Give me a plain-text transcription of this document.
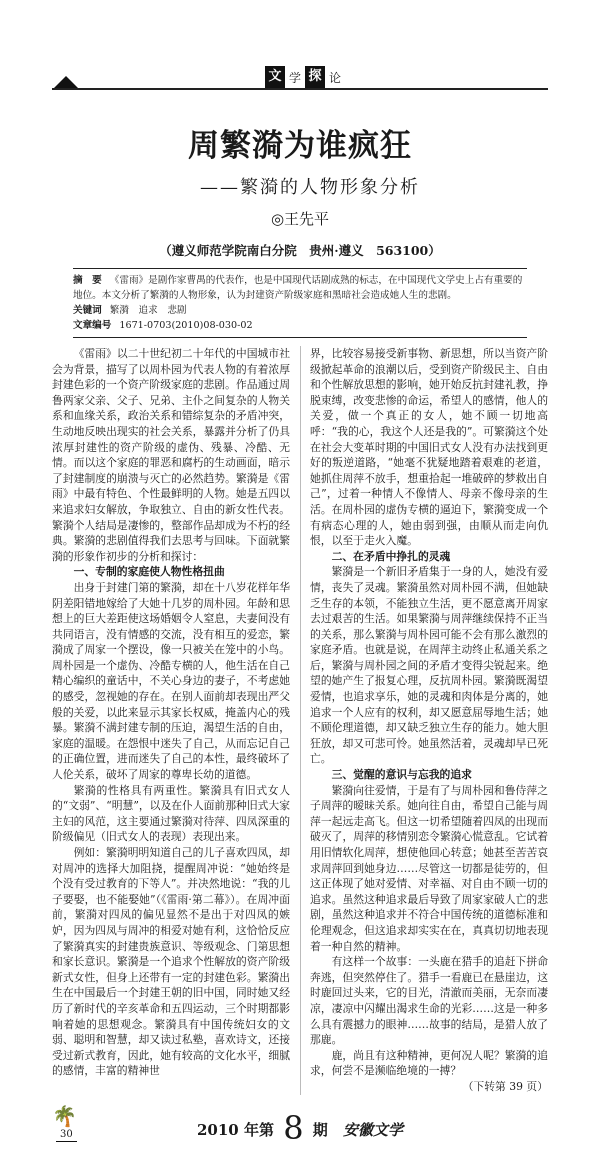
文 学 探 论
周繁漪为谁疯狂
——繁漪的人物形象分析
◎王先平
（遵义师范学院南白分院　贵州·遵义　563100）
摘　要 《雷雨》是剧作家曹禺的代表作，也是中国现代话剧成熟的标志，在中国现代文学史上占有重要的地位。本文分析了繁漪的人物形象，认为封建资产阶级家庭和黑暗社会造成她人生的悲剧。
关键词 繁漪　追求　悲剧
文章编号 1671-0703(2010)08-030-02

《雷雨》以二十世纪初二十年代的中国城市社会为背景，描写了以周朴园为代表人物的有着浓厚封建色彩的一个资产阶级家庭的悲剧。作品通过周鲁两家父亲、父子、兄弟、主仆之间复杂的人物关系和血缘关系，政治关系和错综复杂的矛盾冲突，生动地反映出现实的社会关系，暴露并分析了仍具浓厚封建性的资产阶级的虚伪、残暴、冷酷、无情。而以这个家庭的罪恶和腐朽的生动画面，暗示了封建制度的崩溃与灭亡的必然趋势。繁漪是《雷雨》中最有特色、个性最鲜明的人物。她是五四以来追求妇女解放，争取独立、自由的新女性代表。繁漪个人结局是凄惨的，整部作品却成为不朽的经典。繁漪的悲剧值得我们去思考与回味。下面就繁漪的形象作初步的分析和探讨：

一、专制的家庭使人物性格扭曲

出身于封建门第的繁漪，却在十八岁花样年华阴差阳错地嫁给了大她十几岁的周朴园。年龄和思想上的巨大差距使这场婚姻令人窒息，夫妻间没有共同语言，没有情感的交流，没有相互的爱恋，繁漪成了周家一个摆设，像一只被关在笼中的小鸟。周朴园是一个虚伪、冷酷专横的人，他生活在自己精心编织的童话中，不关心身边的妻子，不考虑她的感受，忽视她的存在。在别人面前却表现出严父般的关爱，以此来显示其家长权威，掩盖内心的残暴。繁漪不满封建专制的压迫，渴望生活的自由，家庭的温暖。在怨恨中迷失了自己，从而忘记自己的正确位置，进而迷失了自己的本性，最终破坏了人伦关系，破坏了周家的尊卑长幼的道德。

繁漪的性格具有两重性。繁漪具有旧式女人的“文弱”、“明慧”，以及在仆人面前那种旧式大家主妇的风范，这主要通过繁漪对待萍、四凤深重的阶级偏见（旧式女人的表现）表现出来。

例如：繁漪明明知道自己的儿子喜欢四凤，却对周冲的选择大加阻挠，提醒周冲说：“她始终是个没有受过教育的下等人”。并决然地说：“我的儿子要娶，也不能娶她”（《雷雨·第二幕》）。在周冲面前，繁漪对四凤的偏见显然不是出于对四凤的嫉妒，因为四凤与周冲的相爱对她有利，这恰恰反应了繁漪真实的封建贵族意识、等级观念、门第思想和家长意识。繁漪是一个追求个性解放的资产阶级新式女性，但身上还带有一定的封建色彩。繁漪出生在中国最后一个封建王朝的旧中国，同时她又经历了新时代的辛亥革命和五四运动，三个时期都影响着她的思想观念。繁漪具有中国传统妇女的文弱、聪明和智慧，却又读过私塾，喜欢诗文，还接受过新式教育，因此，她有较高的文化水平，细腻的感情，丰富的精神世

界，比较容易接受新事物、新思想，所以当资产阶级掀起革命的浪潮以后，受到资产阶级民主、自由和个性解放思想的影响，她开始反抗封建礼教，挣脱束缚，改变悲惨的命运，希望人的感情，他人的关爱，做一个真正的女人，她不顾一切地高呼：“我的心，我这个人还是我的”。可繁漪这个处在社会大变革时期的中国旧式女人没有办法找到更好的叛逆道路，“她毫不犹疑地踏着艰难的老道，她抓住周萍不放手，想重拾起一堆破碎的梦救出自己”，过着一种情人不像情人、母亲不像母亲的生活。在周朴园的虚伪专横的逼迫下，繁漪变成一个有病态心理的人，她由弱到强，由顺从而走向仇恨，以至于走火入魔。

二、在矛盾中挣扎的灵魂

繁漪是一个新旧矛盾集于一身的人，她没有爱情，丧失了灵魂。繁漪虽然对周朴园不满，但她缺乏生存的本领，不能独立生活，更不愿意离开周家去过艰苦的生活。如果繁漪与周萍继续保持不正当的关系，那么繁漪与周朴园可能不会有那么激烈的家庭矛盾。也就是说，在周萍主动终止私通关系之后，繁漪与周朴园之间的矛盾才变得尖锐起来。绝望的她产生了报复心理，反抗周朴园。繁漪既渴望爱情，也追求享乐，她的灵魂和肉体是分离的，她追求一个人应有的权利，却又愿意屈辱地生活；她不顾伦理道德，却又缺乏独立生存的能力。她大胆狂放，却又可悲可怜。她虽然活着，灵魂却早已死亡。

三、觉醒的意识与忘我的追求

繁漪向往爱情，于是有了与周朴园和鲁侍萍之子周萍的暧昧关系。她向往自由，希望自己能与周萍一起远走高飞。但这一切希望随着四凤的出现而破灭了，周萍的移情别恋令繁漪心慌意乱。它试着用旧情软化周萍，想使他回心转意；她甚至苦苦哀求周萍回到她身边……尽管这一切都是徒劳的，但这正体现了她对爱情、对幸福、对自由不顾一切的追求。虽然这种追求最后导致了周家家破人亡的悲剧，虽然这种追求并不符合中国传统的道德标准和伦理观念，但这追求却实实在在，真真切切地表现着一种自然的精神。

有这样一个故事：一头鹿在猎手的追赶下拼命奔逃，但突然停住了。猎手一看鹿已在悬崖边，这时鹿回过头来，它的目光，清澈而美丽，无奈而凄凉，凄凉中闪耀出渴求生命的光彩……这是一种多么具有震撼力的眼神……故事的结局，是猎人放了那鹿。

鹿，尚且有这种精神，更何况人呢？繁漪的追求，何尝不是濒临绝境的一搏？

（下转第 39 页）
🌴
30	2010 年第 8 期 安徽文学
